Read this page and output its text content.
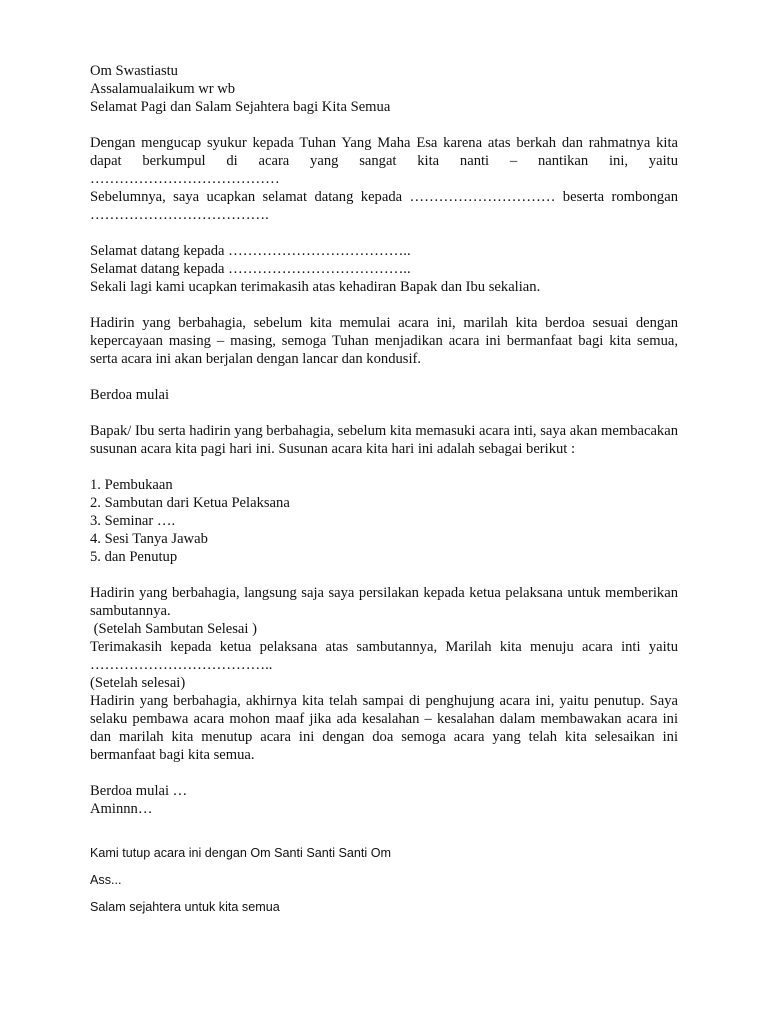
Om Swastiastu
Assalamualaikum wr wb
Selamat Pagi dan Salam Sejahtera bagi Kita Semua
Dengan mengucap syukur kepada Tuhan Yang Maha Esa karena atas berkah dan rahmatnya kita dapat berkumpul di acara yang sangat kita nanti – nantikan ini, yaitu …………………………………
Sebelumnya, saya ucapkan selamat datang kepada ………………………… beserta rombongan ……………………………….
Selamat datang kepada ………………………………..
Selamat datang kepada ………………………………..
Sekali lagi kami ucapkan terimakasih atas kehadiran Bapak dan Ibu sekalian.
Hadirin yang berbahagia, sebelum kita memulai acara ini, marilah kita berdoa sesuai dengan kepercayaan masing – masing, semoga Tuhan menjadikan acara ini bermanfaat bagi kita semua, serta acara ini akan berjalan dengan lancar dan kondusif.
Berdoa mulai
Bapak/ Ibu serta hadirin yang berbahagia, sebelum kita memasuki acara inti, saya akan membacakan susunan acara kita pagi hari ini. Susunan acara kita hari ini adalah sebagai berikut :
1. Pembukaan
2. Sambutan dari Ketua Pelaksana
3. Seminar ….
4. Sesi Tanya Jawab
5. dan Penutup
Hadirin yang berbahagia, langsung saja saya persilakan kepada ketua pelaksana untuk memberikan sambutannya.
(Setelah Sambutan Selesai )
Terimakasih kepada ketua pelaksana atas sambutannya, Marilah kita menuju acara inti yaitu ………………………………..
(Setelah selesai)
Hadirin yang berbahagia, akhirnya kita telah sampai di penghujung acara ini, yaitu penutup. Saya selaku pembawa acara mohon maaf jika ada kesalahan – kesalahan dalam membawakan acara ini dan marilah kita menutup acara ini dengan doa semoga acara yang telah kita selesaikan ini bermanfaat bagi kita semua.
Berdoa mulai …
Aminnn…
Kami tutup acara ini dengan Om Santi Santi Santi Om
Ass...
Salam sejahtera untuk kita semua
